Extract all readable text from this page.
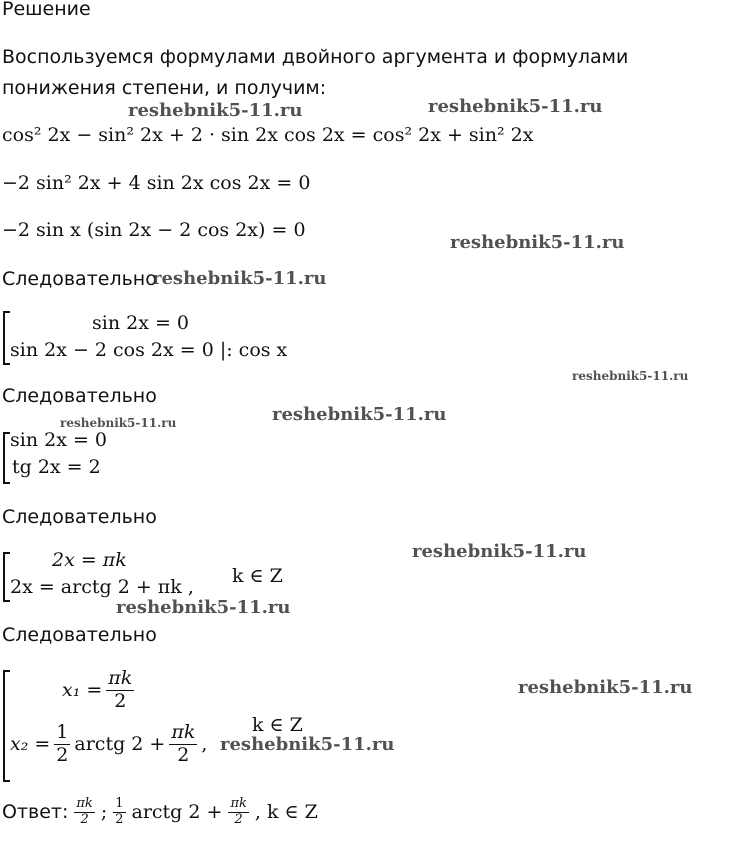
Решение
Воспользуемся формулами двойного аргумента и формулами понижения степени, и получим:
cos² 2x − sin² 2x + 2 · sin 2x cos 2x = cos² 2x + sin² 2x
−2 sin² 2x + 4 sin 2x cos 2x = 0
−2 sin x (sin 2x − 2 cos 2x) = 0
Следовательно
sin 2x = 0
sin 2x − 2 cos 2x = 0 |: cos x
Следовательно
sin 2x = 0
tg 2x = 2
Следовательно
2x = πk
2x = arctg 2 + πk , k ∈ Z
Следовательно
$x_1 = \frac{\pi k}{2}$
$x_2 = \frac{1}{2}$ arctg $2 + \frac{\pi k}{2}$ ,
k ∈ Z
Ответ: $\frac{\pi k}{2}$ ; $\frac{1}{2}$ arctg $2 + \frac{\pi k}{2}$ , k ∈ Z
reshebnik5-11.ru	reshebnik5-11.ru
reshebnik5-11.ru
reshebnik5-11.ru
reshebnik5-11.ru
reshebnik5-11.ru	reshebnik5-11.ru
reshebnik5-11.ru
reshebnik5-11.ru
reshebnik5-11.ru
reshebnik5-11.ru
